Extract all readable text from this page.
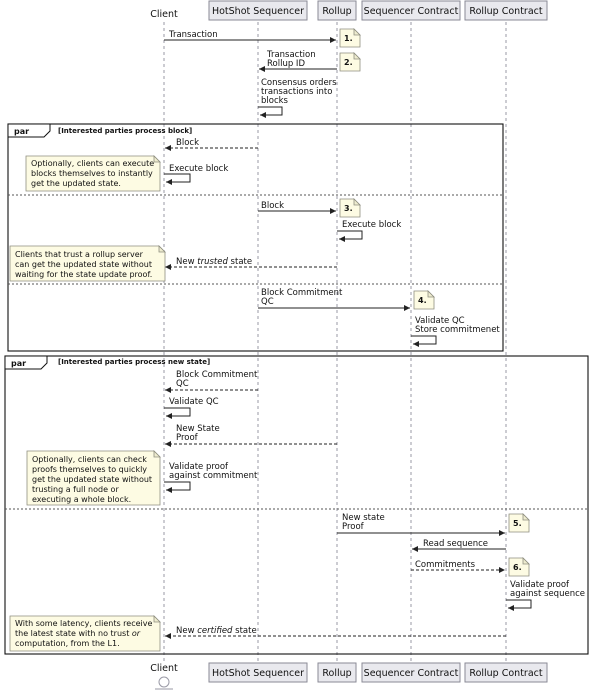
Client	HotShot Sequencer Rollup Sequencer Contract Rollup Contract
Transaction	1.
Transaction
Rollup ID	2.
Consensus orders
transactions into
blocks
par	[Interested parties process block]
Block
Execute block
Optionally, clients can execute
blocks themselves to instantly
get the updated state.
Block	3.
Execute block
New trusted state
Clients that trust a rollup server
can get the updated state without
waiting for the state update proof.
Block Commitment
QC	4.
Validate QC
Store commitmenet
par	[Interested parties process new state]
Block Commitment
QC
Validate QC
New State
Proof
Validate proof
against commitment
Optionally, clients can check
proofs themselves to quickly
get the updated state without
trusting a full node or
executing a whole block.
New state
Proof	5.
Read sequence
Commitments	6.
Validate proof
against sequence
New certified state
With some latency, clients receive
the latest state with no trust or
computation, from the L1.
Client	HotShot Sequencer Rollup Sequencer Contract Rollup Contract
